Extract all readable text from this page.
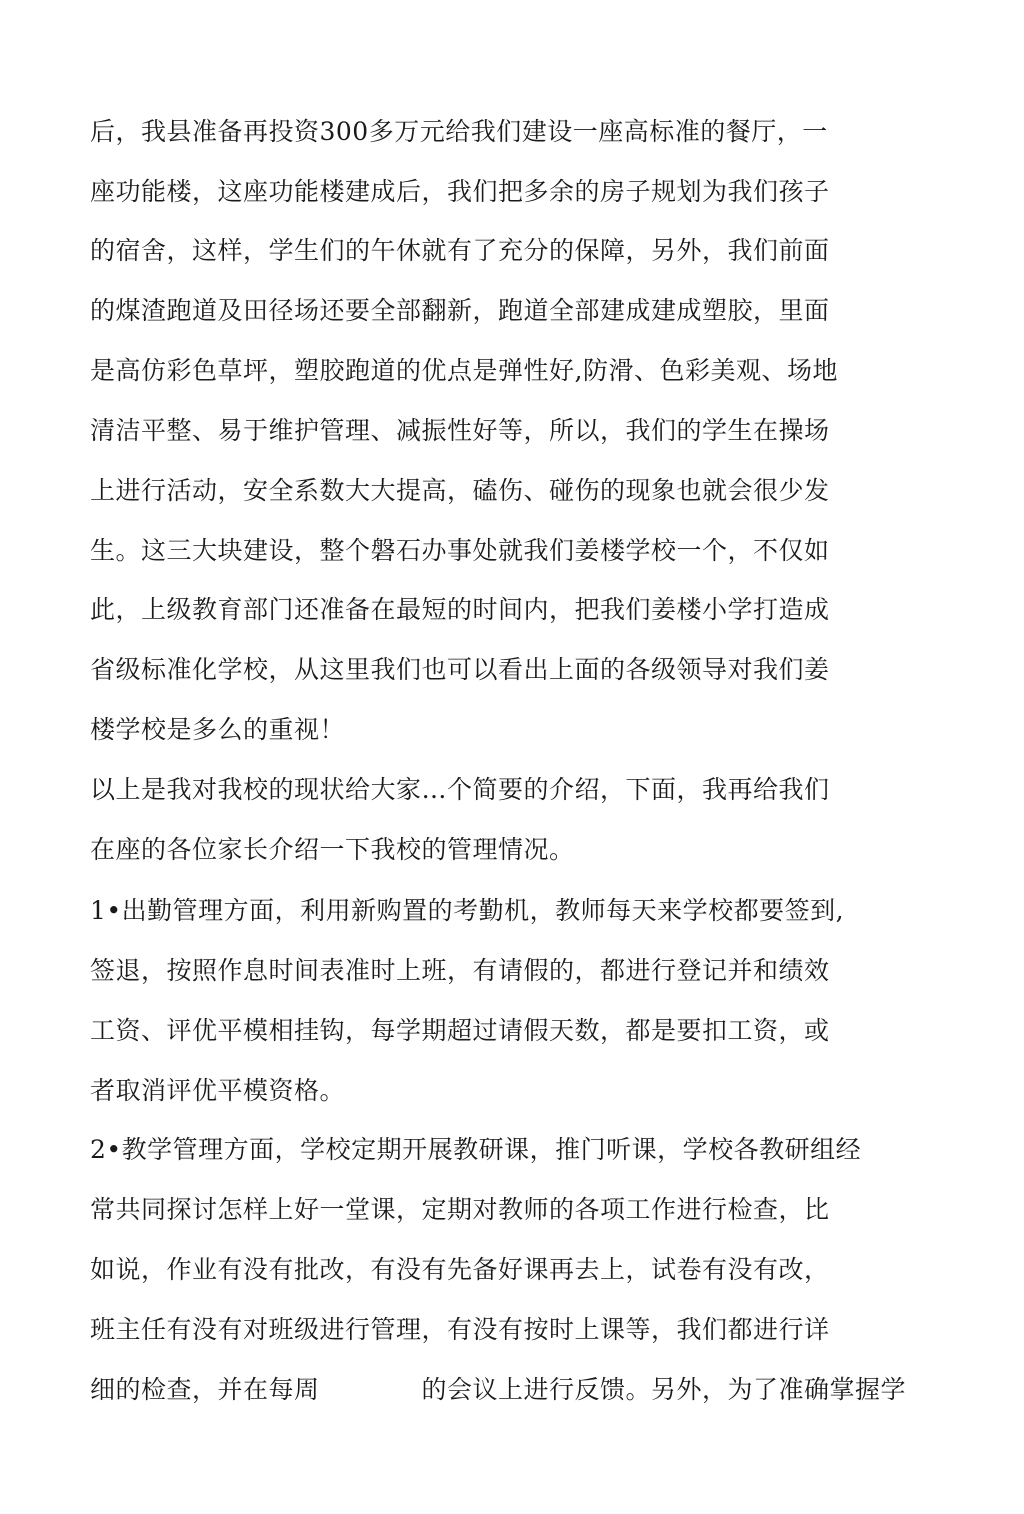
后，我县准备再投资300多万元给我们建设一座高标准的餐厅，一
座功能楼，这座功能楼建成后，我们把多余的房子规划为我们孩子
的宿舍，这样，学生们的午休就有了充分的保障，另外，我们前面
的煤渣跑道及田径场还要全部翻新，跑道全部建成建成塑胶，里面
是高仿彩色草坪，塑胶跑道的优点是弹性好,防滑、色彩美观、场地
清洁平整、易于维护管理、减振性好等，所以，我们的学生在操场
上进行活动，安全系数大大提高，磕伤、碰伤的现象也就会很少发
生。这三大块建设，整个磐石办事处就我们姜楼学校一个，不仅如
此，上级教育部门还准备在最短的时间内，把我们姜楼小学打造成
省级标准化学校，从这里我们也可以看出上面的各级领导对我们姜
楼学校是多么的重视！
以上是我对我校的现状给大家…个简要的介绍，下面，我再给我们
在座的各位家长介绍一下我校的管理情况。
1•出勤管理方面，利用新购置的考勤机，教师每天来学校都要签到,
签退，按照作息时间表准时上班，有请假的，都进行登记并和绩效
工资、评优平模相挂钩，每学期超过请假天数，都是要扣工资，或
者取消评优平模资格。
2•教学管理方面，学校定期开展教研课，推门听课，学校各教研组经
常共同探讨怎样上好一堂课，定期对教师的各项工作进行检查，比
如说，作业有没有批改，有没有先备好课再去上，试卷有没有改，
班主任有没有对班级进行管理，有没有按时上课等，我们都进行详
细的检查，并在每周　　　　的会议上进行反馈。另外，为了准确掌握学
